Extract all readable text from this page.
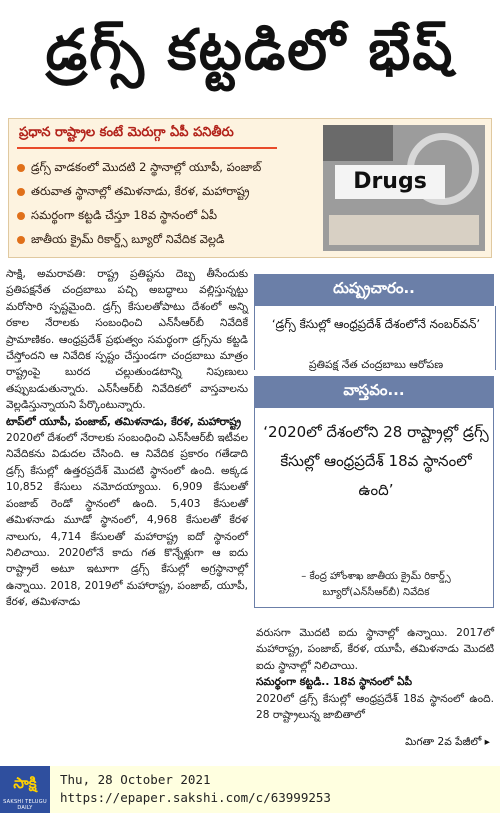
డ్రగ్స్ కట్టడిలో భేష్
ప్రధాన రాష్ట్రాల కంటే మెరుగ్గా ఏపీ పనితీరు
డ్రగ్స్ వాడకంలో మొదటి 2 స్థానాల్లో యూపీ, పంజాబ్
తరువాత స్థానాల్లో తమిళనాడు, కేరళ, మహారాష్ట్ర
సమర్థంగా కట్టడి చేస్తూ 18వ స్థానంలో ఏపీ
జాతీయ క్రైమ్ రికార్డ్స్ బ్యూరో నివేదిక వెల్లడి
Drugs

సాక్షి, అమరావతి: రాష్ట్ర ప్రతిష్టను దెబ్బ తీసేందుకు ప్రతిపక్షనేత చంద్రబాబు పచ్చి అబద్ధాలు వల్లిస్తున్నట్టు మరోసారి స్పష్టమైంది. డ్రగ్స్ కేసులతోపాటు దేశంలో అన్ని రకాల నేరాలకు సంబంధించి ఎన్‌సీఆర్‌బీ నివేదికే ప్రామాణికం. ఆంధ్రప్రదేశ్ ప్రభుత్వం సమర్థంగా డ్రగ్స్‌ను కట్టడి చేస్తోందని ఆ నివేదిక స్పష్టం చేస్తుండగా చంద్రబాబు మాత్రం రాష్ట్రంపై బురద చల్లుతుండటాన్ని నిపుణులు తప్పుబడుతున్నారు. ఎన్‌సీఆర్‌బీ నివేదికలో వాస్తవాలను వెల్లడిస్తున్నాయని పేర్కొంటున్నారు.

టాప్‌లో యూపీ, పంజాబ్, తమిళనాడు, కేరళ, మహారాష్ట్ర

2020లో దేశంలో నేరాలకు సంబంధించి ఎన్‌సీఆర్‌బీ ఇటీవల నివేదికను విడుదల చేసింది. ఆ నివేదిక ప్రకారం గతేడాది డ్రగ్స్ కేసుల్లో ఉత్తరప్రదేశ్ మొదటి స్థానంలో ఉంది. అక్కడ 10,852 కేసులు నమోదయ్యాయి. 6,909 కేసులతో పంజాబ్ రెండో స్థానంలో ఉంది. 5,403 కేసులతో తమిళనాడు మూడో స్థానంలో, 4,968 కేసులతో కేరళ నాలుగు, 4,714 కేసులతో మహారాష్ట్ర ఐదో స్థానంలో నిలిచాయి. 2020లోనే కాదు గత కొన్నేళ్లుగా ఆ ఐదు రాష్ట్రాలే అటూ ఇటూగా డ్రగ్స్ కేసుల్లో అగ్రస్థానాల్లో ఉన్నాయి. 2018, 2019లో మహారాష్ట్ర, పంజాబ్, యూపీ, కేరళ, తమిళనాడు

దుష్ప్రచారం..
‘డ్రగ్స్ కేసుల్లో ఆంధ్రప్రదేశ్ దేశంలోనే నంబర్‌వన్’
ప్రతిపక్ష నేత చంద్రబాబు ఆరోపణ
వాస్తవం...
‘2020లో దేశంలోని 28 రాష్ట్రాల్లో డ్రగ్స్ కేసుల్లో ఆంధ్రప్రదేశ్ 18వ స్థానంలో ఉంది’
– కేంద్ర హోంశాఖ జాతీయ క్రైమ్ రికార్డ్స్ బ్యూరో(ఎన్‌సీఆర్‌బీ) నివేదిక

వరుసగా మొదటి ఐదు స్థానాల్లో ఉన్నాయి. 2017లో మహారాష్ట్ర, పంజాబ్, కేరళ, యూపీ, తమిళనాడు మొదటి ఐదు స్థానాల్లో నిలిచాయి.

సమర్థంగా కట్టడి.. 18వ స్థానంలో ఏపీ

2020లో డ్రగ్స్ కేసుల్లో ఆంధ్రప్రదేశ్ 18వ స్థానంలో ఉంది. 28 రాష్ట్రాలున్న జాబితాలో

మిగతా 2వ పేజీలో ▸
సాక్షి
SAKSHI TELUGU DAILY
Thu, 28 October 2021
https://epaper.sakshi.com/c/63999253
